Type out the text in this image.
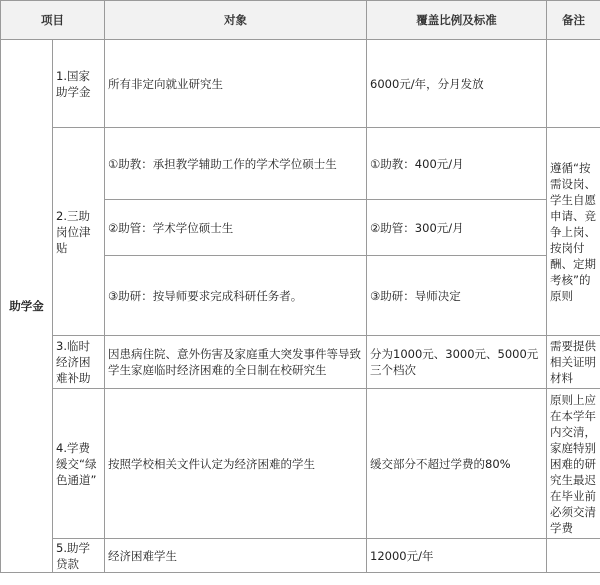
项目		对象	覆盖比例及标准	备注
助学金	1.国家助学金	所有非定向就业研究生	6000元/年，分月发放	
	2.三助岗位津贴	①助教：承担教学辅助工作的学术学位硕士生	①助教：400元/月	遵循“按需设岗、学生自愿申请、竞争上岗、按岗付酬、定期考核”的原则
		②助管：学术学位硕士生	②助管：300元/月	
		③助研：按导师要求完成科研任务者。	③助研：导师决定	
	3.临时经济困难补助	因患病住院、意外伤害及家庭重大突发事件等导致学生家庭临时经济困难的全日制在校研究生	分为1000元、3000元、5000元三个档次	需要提供相关证明材料
	4.学费缓交“绿色通道”	按照学校相关文件认定为经济困难的学生	缓交部分不超过学费的80%	原则上应在本学年内交清，家庭特别困难的研究生最迟在毕业前必须交清学费
	5.助学贷款	经济困难学生	12000元/年	
